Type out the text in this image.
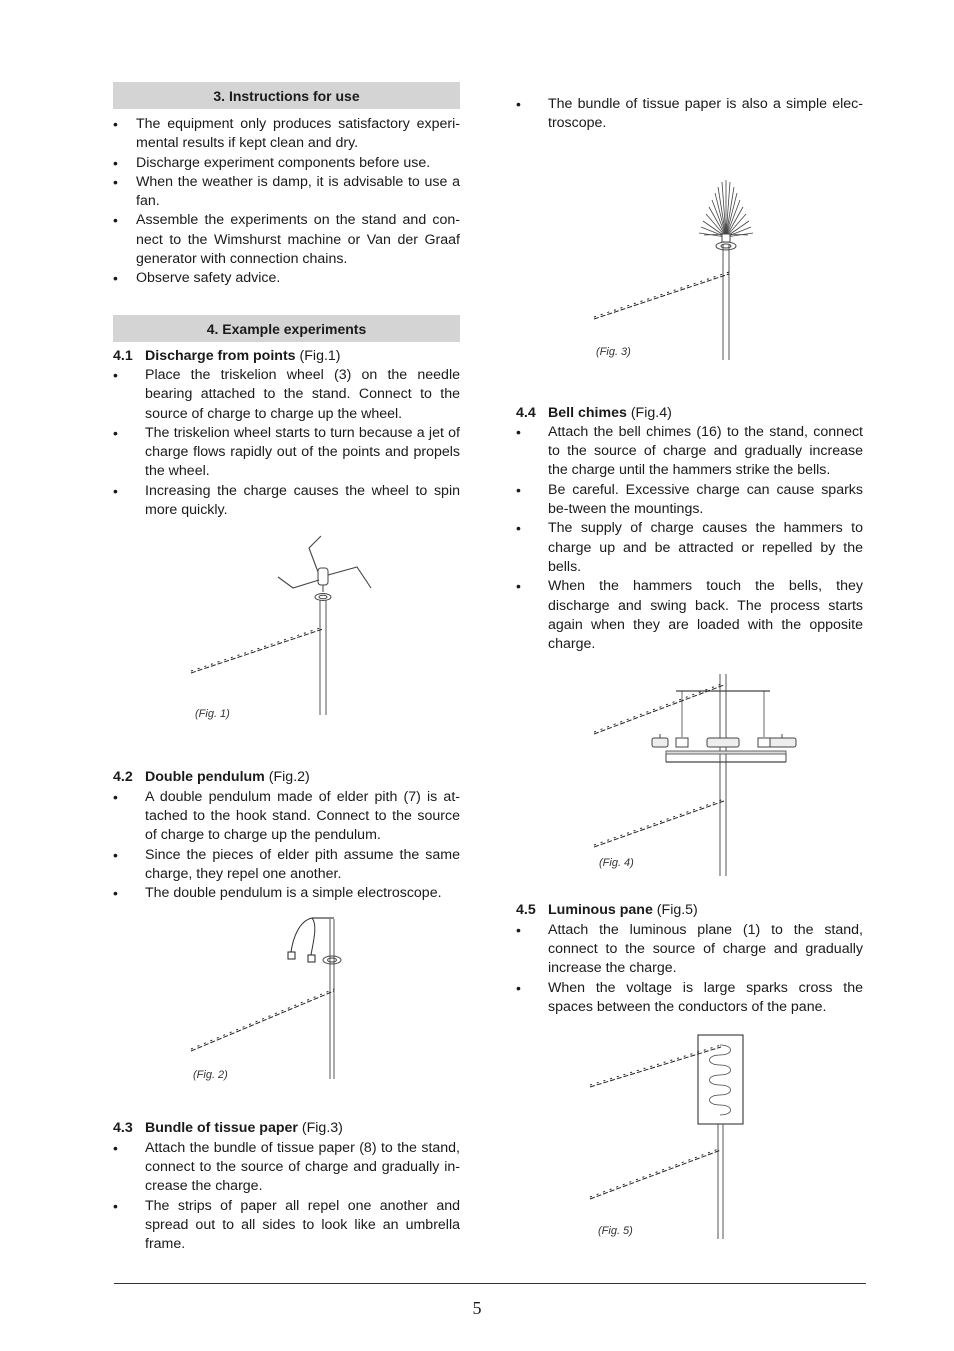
3. Instructions for use
• The equipment only produces satisfactory experi-mental results if kept clean and dry.
• Discharge experiment components before use.
• When the weather is damp, it is advisable to use a fan.
• Assemble the experiments on the stand and con-nect to the Wimshurst machine or Van der Graaf generator with connection chains.
• Observe safety advice.
4. Example experiments
4.1 Discharge from points (Fig.1)
• Place the triskelion wheel (3) on the needle bearing attached to the stand. Connect to the source of charge to charge up the wheel.
• The triskelion wheel starts to turn because a jet of charge flows rapidly out of the points and propels the wheel.
• Increasing the charge causes the wheel to spin more quickly.
(Fig. 1)
4.2 Double pendulum (Fig.2)
• A double pendulum made of elder pith (7) is at-tached to the hook stand. Connect to the source of charge to charge up the pendulum.
• Since the pieces of elder pith assume the same charge, they repel one another.
• The double pendulum is a simple electroscope.
(Fig. 2)
4.3 Bundle of tissue paper (Fig.3)
• Attach the bundle of tissue paper (8) to the stand, connect to the source of charge and gradually in-crease the charge.
• The strips of paper all repel one another and spread out to all sides to look like an umbrella frame.
• The bundle of tissue paper is also a simple elec-troscope.
(Fig. 3)
4.4 Bell chimes (Fig.4)
• Attach the bell chimes (16) to the stand, connect to the source of charge and gradually increase the charge until the hammers strike the bells.
• Be careful. Excessive charge can cause sparks be-tween the mountings.
• The supply of charge causes the hammers to charge up and be attracted or repelled by the bells.
• When the hammers touch the bells, they discharge and swing back. The process starts again when they are loaded with the opposite charge.
(Fig. 4)
4.5 Luminous pane (Fig.5)
• Attach the luminous plane (1) to the stand, connect to the source of charge and gradually increase the charge.
• When the voltage is large sparks cross the spaces between the conductors of the pane.
(Fig. 5)
5
